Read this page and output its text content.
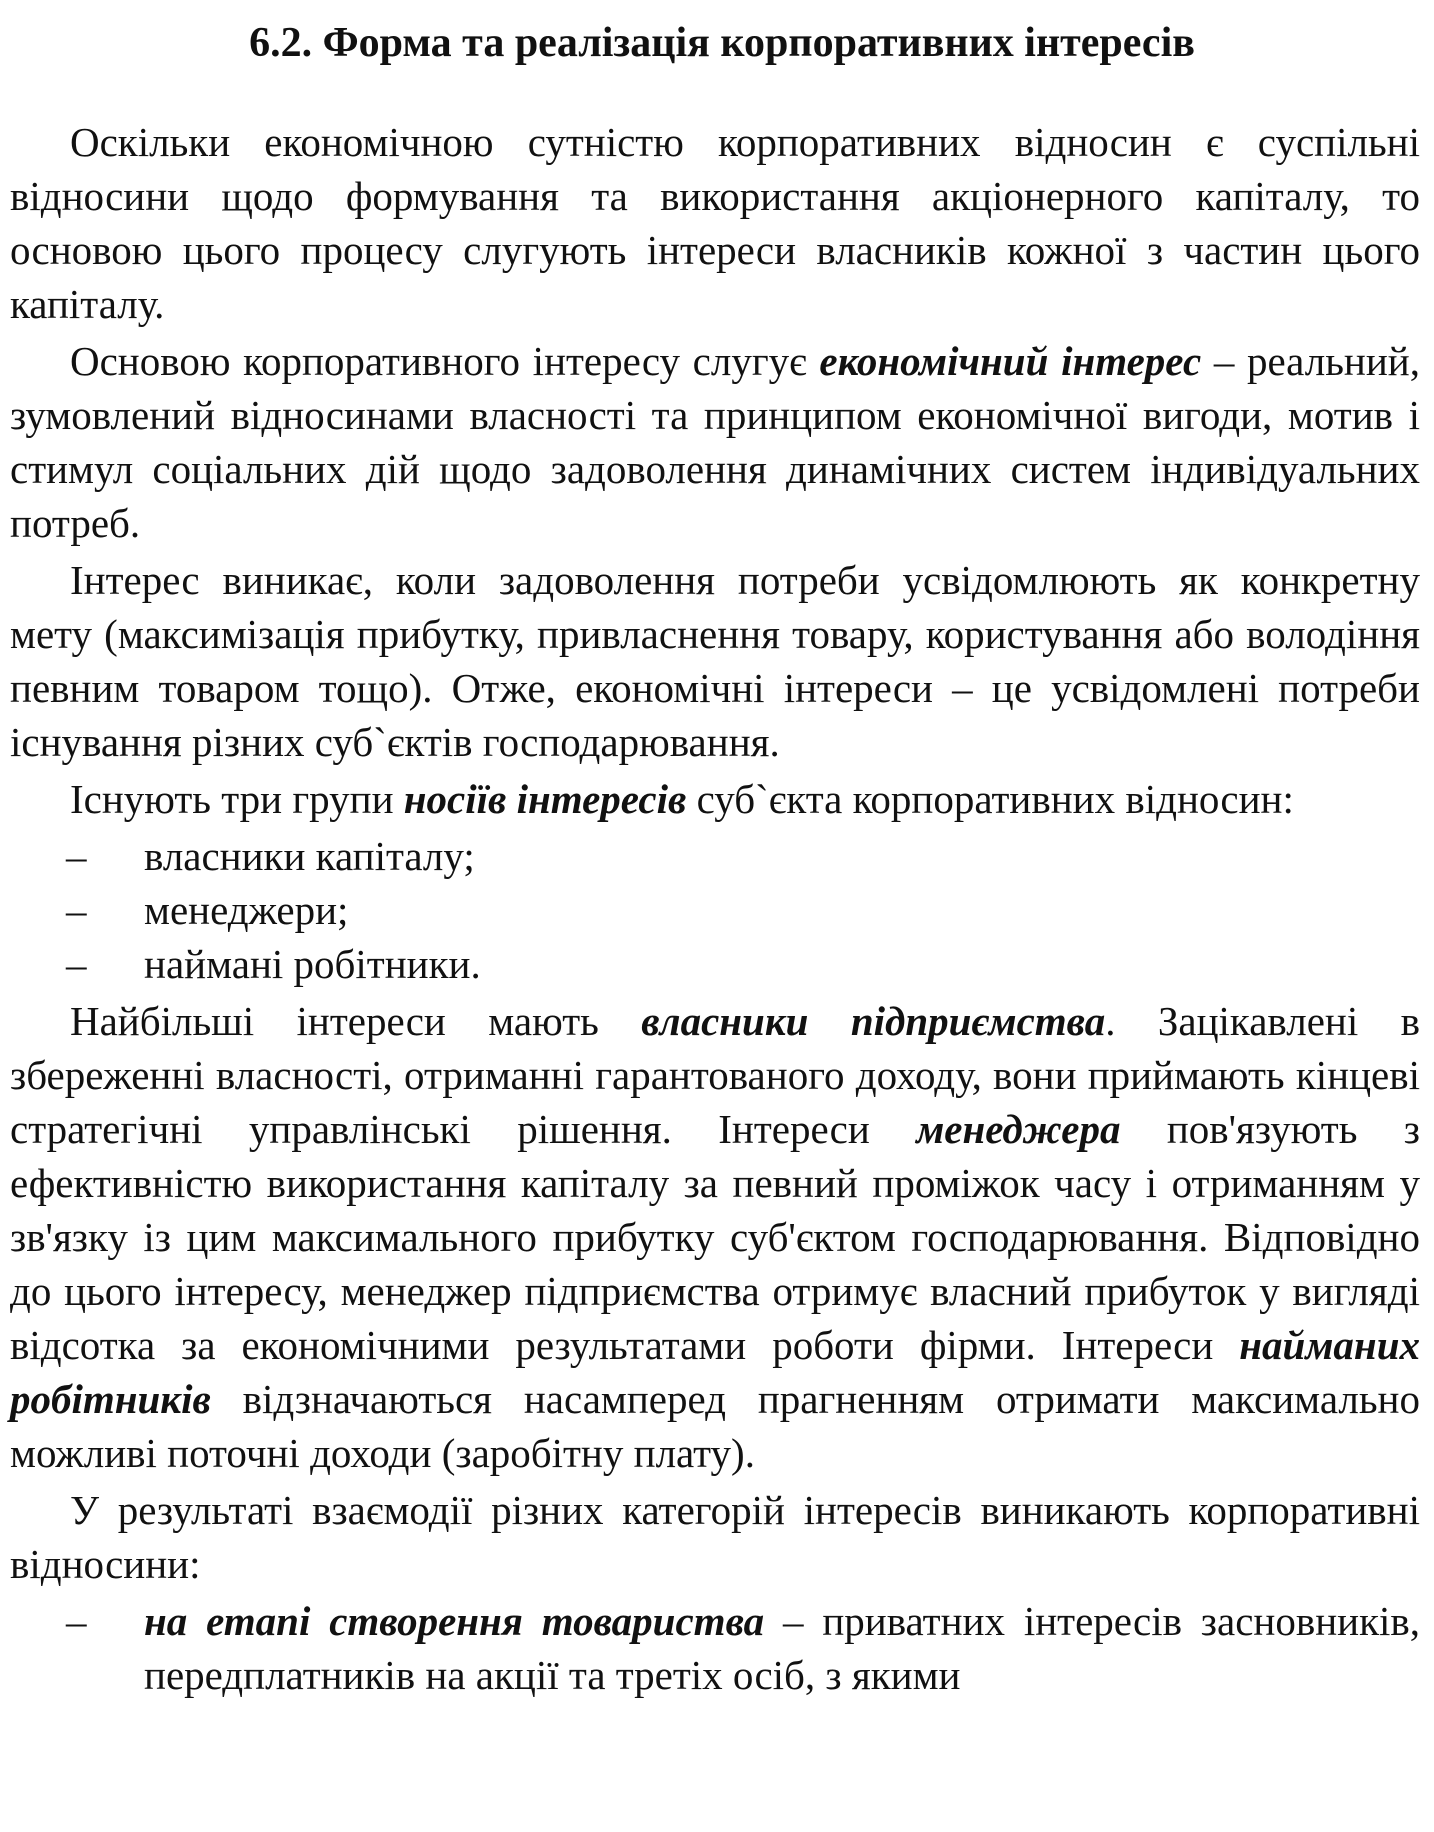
6.2. Форма та реалізація корпоративних інтересів

Оскільки економічною сутністю корпоративних відносин є суспільні відносини щодо формування та використання акціонерного капіталу, то основою цього процесу слугують інтереси власників кожної з частин цього капіталу.

Основою корпоративного інтересу слугує економічний інтерес – реальний, зумовлений відносинами власності та принципом економічної вигоди, мотив і стимул соціальних дій щодо задоволення динамічних систем індивідуальних потреб.

Інтерес виникає, коли задоволення потреби усвідомлюють як конкретну мету (максимізація прибутку, привласнення товару, користування або володіння певним товаром тощо). Отже, економічні інтереси – це усвідомлені потреби існування різних суб`єктів господарювання.

Існують три групи носіїв інтересів суб`єкта корпоративних відносин:

– власники капіталу;
– менеджери;
– наймані робітники.

Найбільші інтереси мають власники підприємства. Зацікавлені в збереженні власності, отриманні гарантованого доходу, вони приймають кінцеві стратегічні управлінські рішення. Інтереси менеджера пов'язують з ефективністю використання капіталу за певний проміжок часу і отриманням у зв'язку із цим максимального прибутку суб'єктом господарювання. Відповідно до цього інтересу, менеджер підприємства отримує власний прибуток у вигляді відсотка за економічними результатами роботи фірми. Інтереси найманих робітників відзначаються насамперед прагненням отримати максимально можливі поточні доходи (заробітну плату).

У результаті взаємодії різних категорій інтересів виникають корпоративні відносини:

– на етапі створення товариства – приватних інтересів засновників, передплатників на акції та третіх осіб, з якими
